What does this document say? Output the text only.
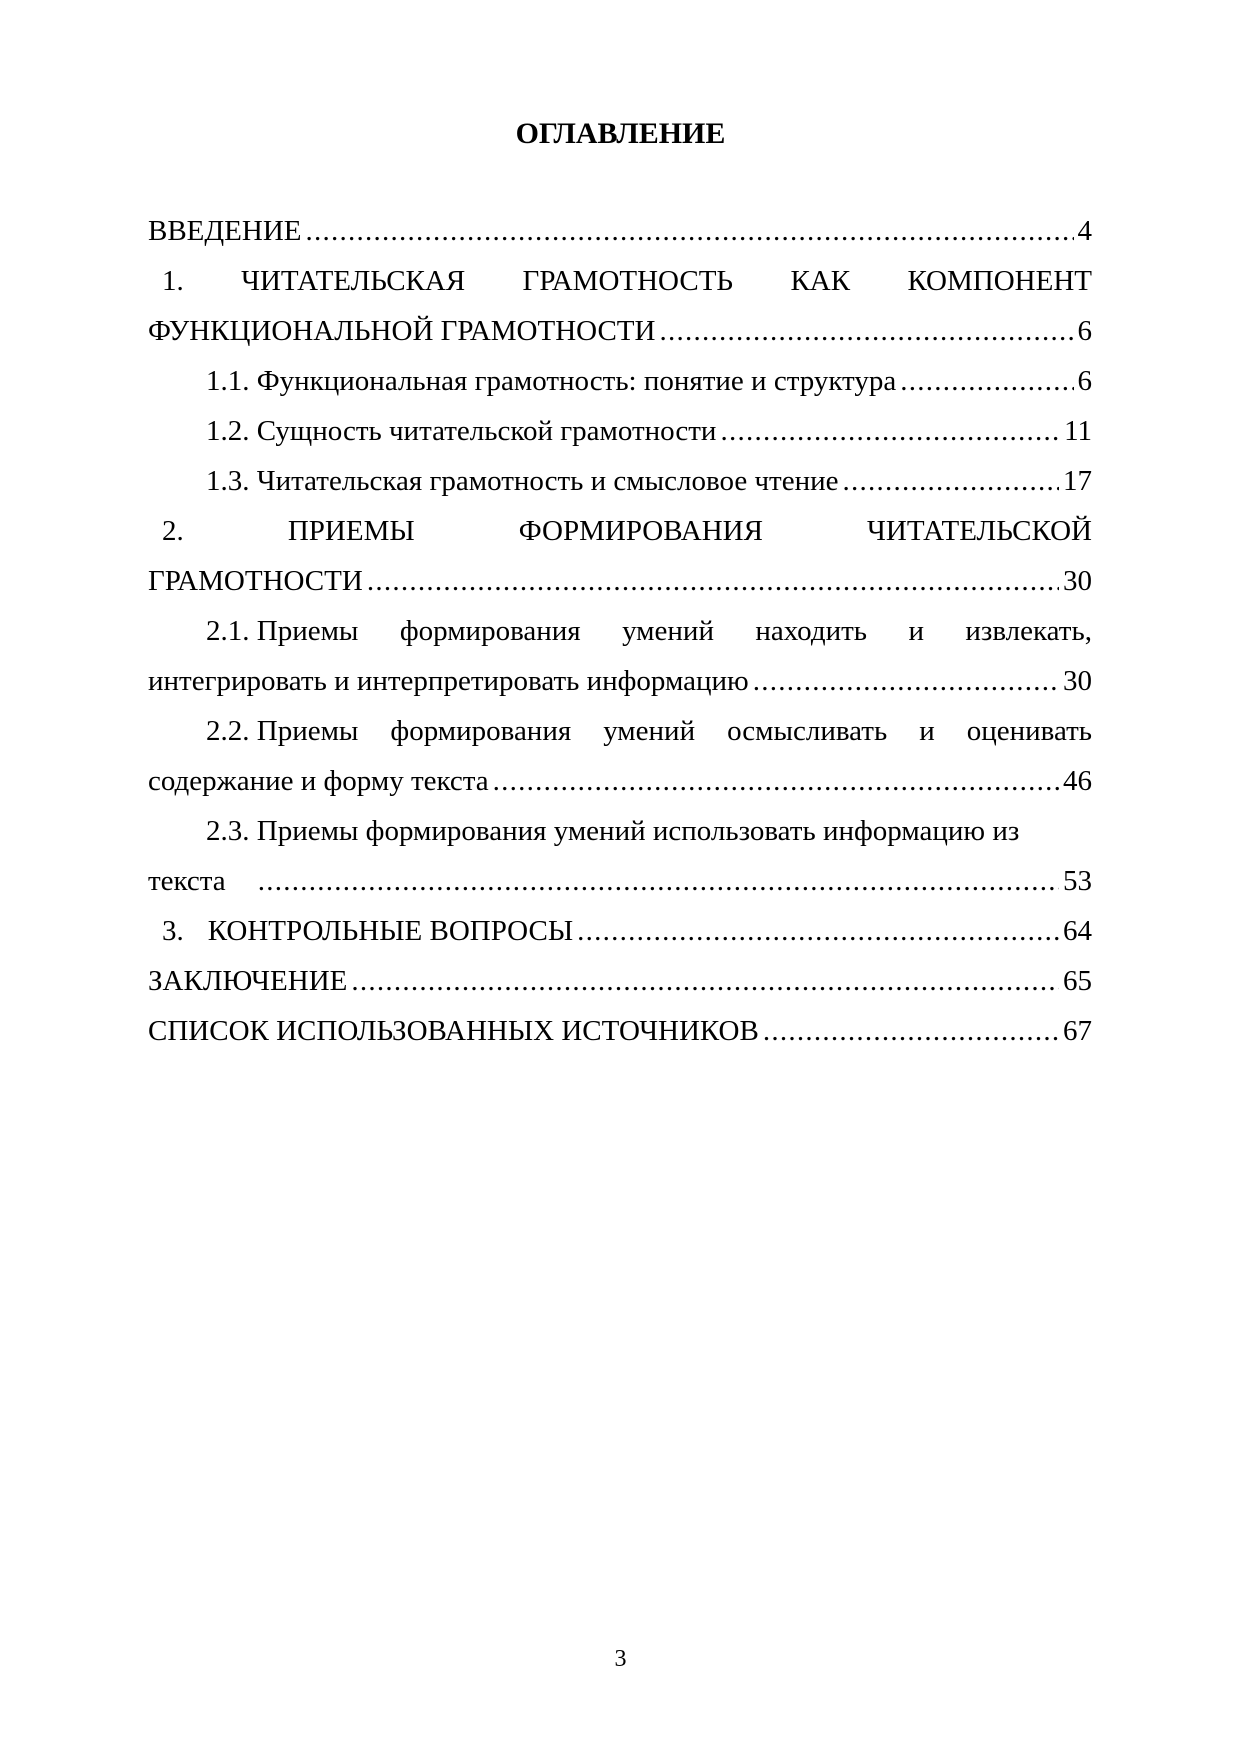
ОГЛАВЛЕНИЕ
ВВЕДЕНИЕ . . .	4
1. ЧИТАТЕЛЬСКАЯ ГРАМОТНОСТЬ КАК КОМПОНЕНТ
ФУНКЦИОНАЛЬНОЙ ГРАМОТНОСТИ . . .	6
1.1. Функциональная грамотность: понятие и структура . . .	6
1.2. Сущность читательской грамотности . . .	11
1.3. Читательская грамотность и смысловое чтение . . .	17
2.	ПРИЕМЫ	ФОРМИРОВАНИЯ	ЧИТАТЕЛЬСКОЙ
ГРАМОТНОСТИ . . .	30
2.1. Приемы формирования умений находить и извлекать,
интегрировать и интерпретировать информацию . . .	30
2.2. Приемы формирования умений осмысливать и оценивать
содержание и форму текста . . .	46
2.3. Приемы формирования умений использовать информацию из
текста . . .	53
3. КОНТРОЛЬНЫЕ ВОПРОСЫ . . .	64
ЗАКЛЮЧЕНИЕ . . .	65
СПИСОК ИСПОЛЬЗОВАННЫХ ИСТОЧНИКОВ . . .	67
3
